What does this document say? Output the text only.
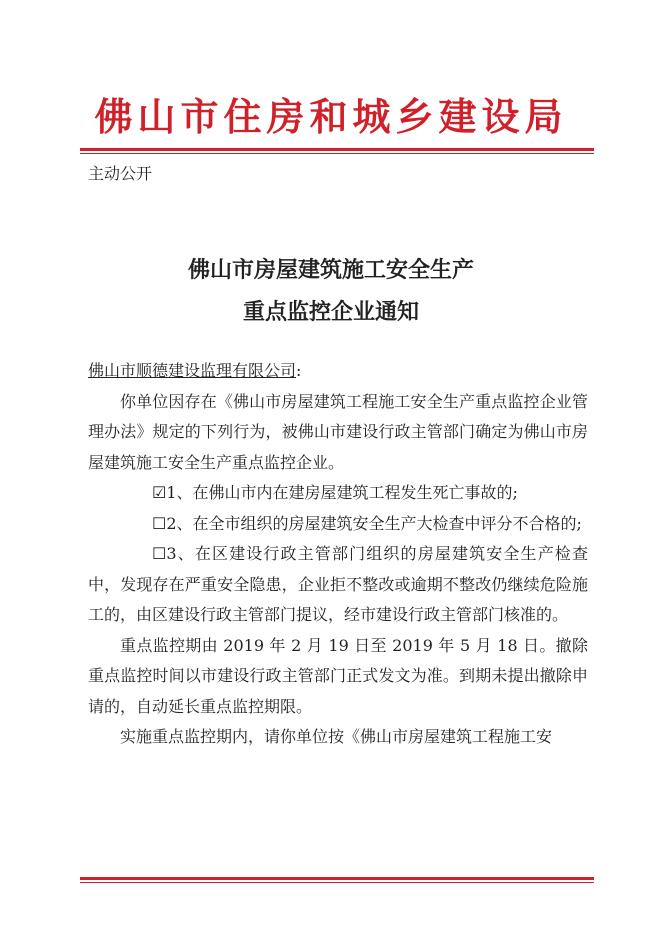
佛山市住房和城乡建设局
主动公开
佛山市房屋建筑施工安全生产
重点监控企业通知

佛山市顺德建设监理有限公司:

你单位因存在《佛山市房屋建筑工程施工安全生产重点监控企业管理办法》规定的下列行为，被佛山市建设行政主管部门确定为佛山市房屋建筑施工安全生产重点监控企业。

☑1、在佛山市内在建房屋建筑工程发生死亡事故的;

☐2、在全市组织的房屋建筑安全生产大检查中评分不合格的;

☐3、在区建设行政主管部门组织的房屋建筑安全生产检查中，发现存在严重安全隐患，企业拒不整改或逾期不整改仍继续危险施工的，由区建设行政主管部门提议，经市建设行政主管部门核准的。

重点监控期由 2019 年 2 月 19 日至 2019 年 5 月 18 日。撤除重点监控时间以市建设行政主管部门正式发文为准。到期未提出撤除申请的，自动延长重点监控期限。

实施重点监控期内，请你单位按《佛山市房屋建筑工程施工安
